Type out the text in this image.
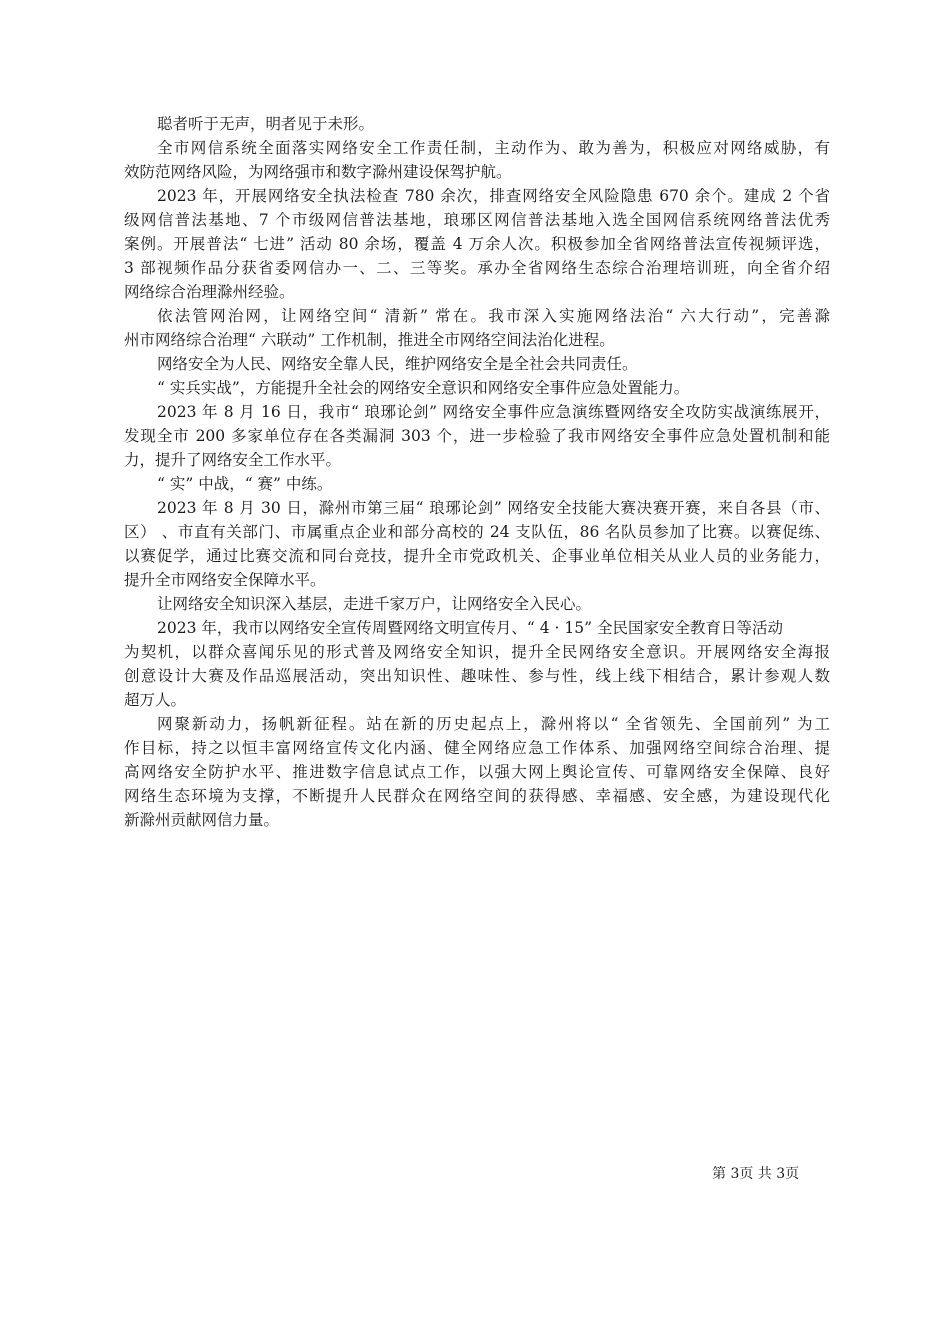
聪者听于无声，明者见于未形。
全市网信系统全面落实网络安全工作责任制，主动作为、敢为善为，积极应对网络威胁，有
效防范网络风险，为网络强市和数字滁州建设保驾护航。
2023 年，开展网络安全执法检查 780 余次，排查网络安全风险隐患 670 余个。建成 2 个省
级网信普法基地、7 个市级网信普法基地，琅琊区网信普法基地入选全国网信系统网络普法优秀
案例。开展普法“ 七进” 活动 80 余场，覆盖 4 万余人次。积极参加全省网络普法宣传视频评选，
3 部视频作品分获省委网信办一、二、三等奖。承办全省网络生态综合治理培训班，向全省介绍
网络综合治理滁州经验。
依法管网治网，让网络空间“ 清新” 常在。我市深入实施网络法治“ 六大行动”，完善滁
州市网络综合治理“ 六联动” 工作机制，推进全市网络空间法治化进程。
网络安全为人民、网络安全靠人民，维护网络安全是全社会共同责任。
“ 实兵实战”，方能提升全社会的网络安全意识和网络安全事件应急处置能力。
2023 年 8 月 16 日，我市“ 琅琊论剑” 网络安全事件应急演练暨网络安全攻防实战演练展开，
发现全市 200 多家单位存在各类漏洞 303 个，进一步检验了我市网络安全事件应急处置机制和能
力，提升了网络安全工作水平。
“ 实” 中战，“ 赛” 中练。
2023 年 8 月 30 日，滁州市第三届“ 琅琊论剑” 网络安全技能大赛决赛开赛，来自各县（市、
区） 、市直有关部门、市属重点企业和部分高校的 24 支队伍，86 名队员参加了比赛。以赛促练、
以赛促学，通过比赛交流和同台竞技，提升全市党政机关、企事业单位相关从业人员的业务能力，
提升全市网络安全保障水平。
让网络安全知识深入基层，走进千家万户，让网络安全入民心。
2023 年，我市以网络安全宣传周暨网络文明宣传月、“ 4 · 15” 全民国家安全教育日等活动
为契机，以群众喜闻乐见的形式普及网络安全知识，提升全民网络安全意识。开展网络安全海报
创意设计大赛及作品巡展活动，突出知识性、趣味性、参与性，线上线下相结合，累计参观人数
超万人。
网聚新动力，扬帆新征程。站在新的历史起点上，滁州将以“ 全省领先、全国前列” 为工
作目标，持之以恒丰富网络宣传文化内涵、健全网络应急工作体系、加强网络空间综合治理、提
高网络安全防护水平、推进数字信息试点工作，以强大网上舆论宣传、可靠网络安全保障、良好
网络生态环境为支撑，不断提升人民群众在网络空间的获得感、幸福感、安全感，为建设现代化
新滁州贡献网信力量。
第 3页 共 3页
